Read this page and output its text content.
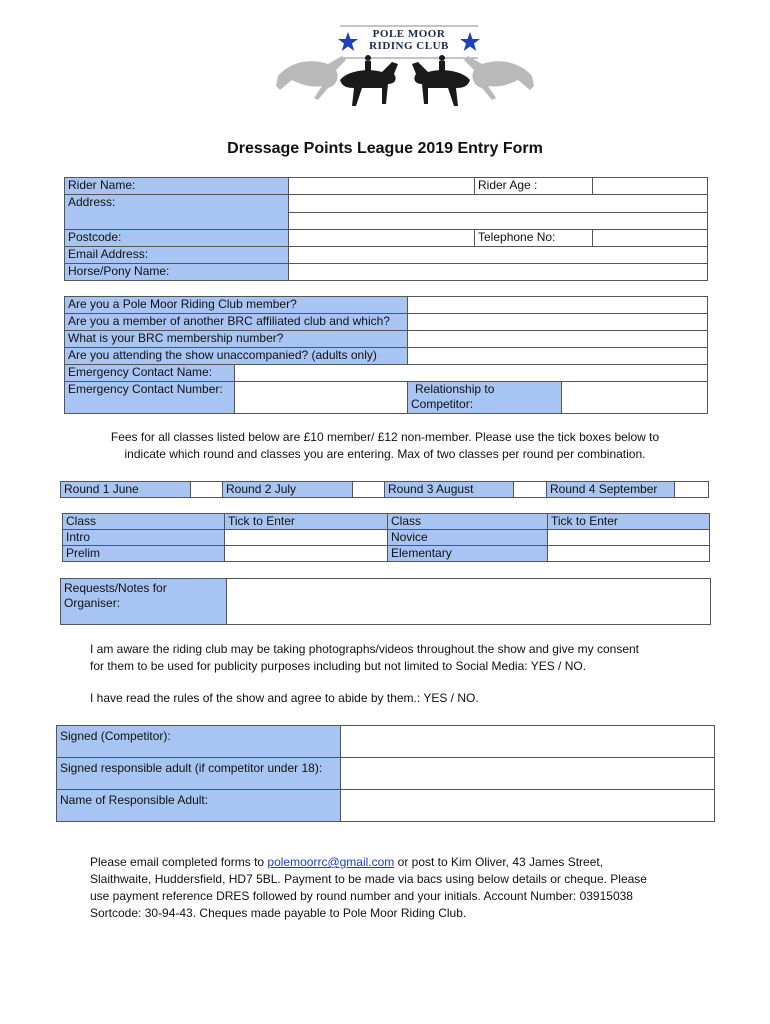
POLE MOOR
RIDING CLUB
Dressage Points League 2019 Entry Form
Rider Name:		Rider Age :	
Address:			

Postcode:		Telephone No:	
Email Address:			
Horse/Pony Name:			
Are you a Pole Moor Riding Club member?			
Are you a member of another BRC affiliated club and which?			
What is your BRC membership number?			
Are you attending the show unaccompanied? (adults only)			
Emergency Contact Name:			
Emergency Contact Number:		Relationship to
Competitor:	

Fees for all classes listed below are £10 member/ £12 non-member. Please use the tick boxes below to
indicate which round and classes you are entering. Max of two classes per round per combination.
Round 1 June		Round 2 July		Round 3 August		Round 4 September	
Class	Tick to Enter	Class	Tick to Enter
Intro		Novice	
Prelim		Elementary	
Requests/Notes for
Organiser:

I am aware the riding club may be taking photographs/videos throughout the show and give my consent
for them to be used for publicity purposes including but not limited to Social Media: YES / NO.
I have read the rules of the show and agree to abide by them.: YES / NO.
Signed (Competitor):	
Signed responsible adult (if competitor under 18):	
Name of Responsible Adult:	
Please email completed forms to polemoorrc@gmail.com or post to Kim Oliver, 43 James Street,
Slaithwaite, Huddersfield, HD7 5BL. Payment to be made via bacs using below details or cheque. Please
use payment reference DRES followed by round number and your initials. Account Number: 03915038
Sortcode: 30-94-43. Cheques made payable to Pole Moor Riding Club.
